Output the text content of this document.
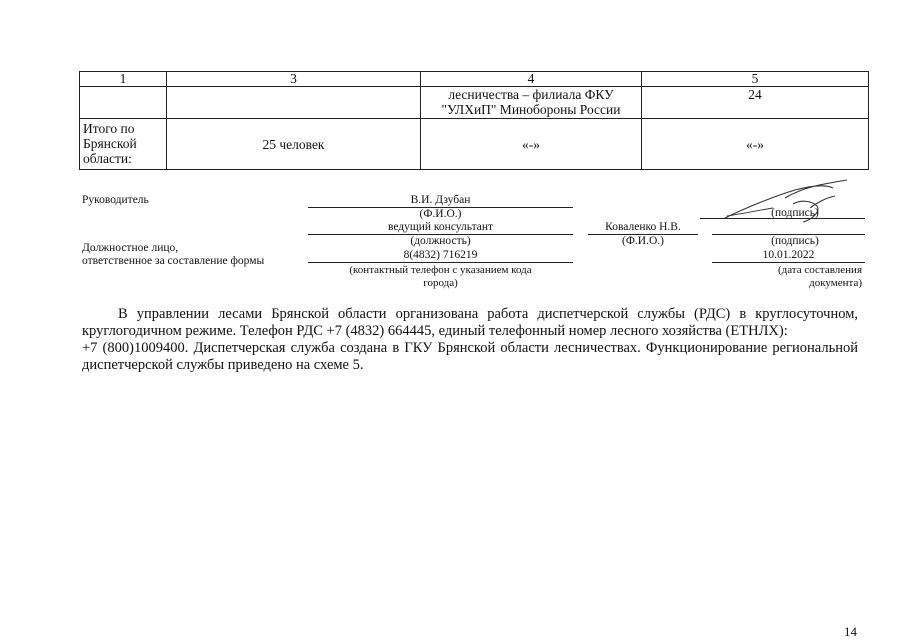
1	3	4	5

		лесничества – филиала ФКУ
"УЛХиП" Минобороны России	24

Итого по
Брянской
области:	25 человек	«-»	«-»
Руководитель	В.И. Дзубан
(Ф.И.О.)	(подпись)
ведущий консультант
(должность)
Коваленко Н.В.
(Ф.И.О.)	(подпись)
Должностное лицо,
ответственное за составление формы	8(4832) 716219
(контактный телефон с указанием кода
города)
10.01.2022
(дата составления
документа)

В управлении лесами Брянской области организована работа диспетчерской службы (РДС) в круглосуточном, круглогодичном режиме. Телефон РДС +7 (4832) 664445, единый телефонный номер лесного хозяйства (ЕТНЛХ):

+7 (800)1009400. Диспетчерская служба создана в ГКУ Брянской области лесничествах. Функционирование региональной диспетчерской службы приведено на схеме 5.

14
